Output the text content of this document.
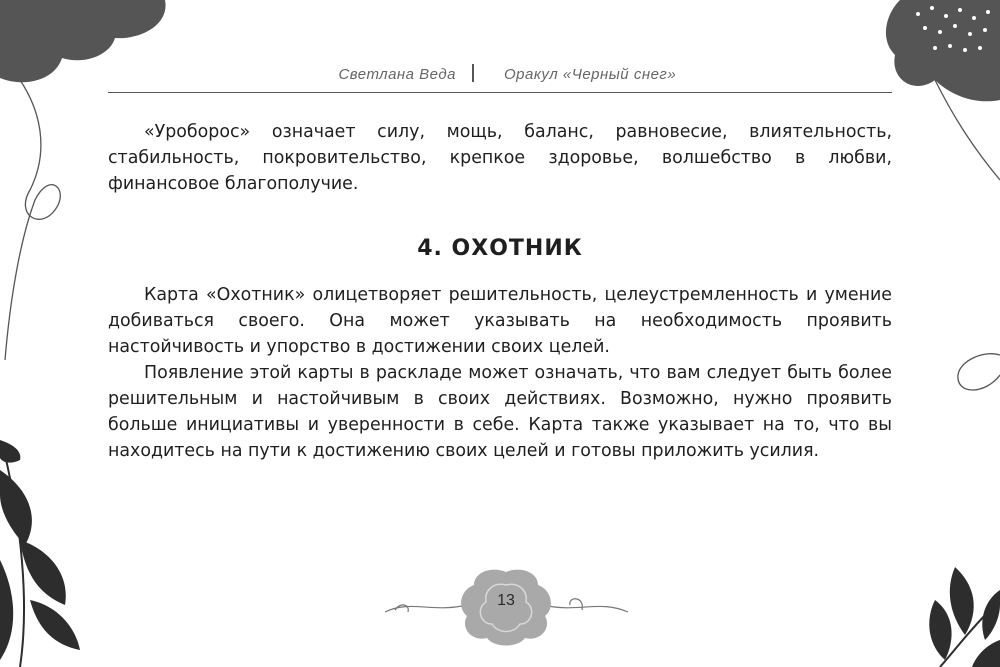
Светлана Веда	Оракул «Черный снег»

«Уроборос» означает силу, мощь, баланс, равновесие, влиятельность, стабильность, покровительство, крепкое здоровье, волшебство в любви, финансовое благополучие.

4. ОХОТНИК

Карта «Охотник» олицетворяет решительность, целеустремленность и умение добиваться своего. Она может указывать на необходимость проявить настойчивость и упорство в достижении своих целей.

Появление этой карты в раскладе может означать, что вам следует быть более решительным и настойчивым в своих действиях. Возможно, нужно проявить больше инициативы и уверенности в себе. Карта также указывает на то, что вы находитесь на пути к достижению своих целей и готовы приложить усилия.

13
